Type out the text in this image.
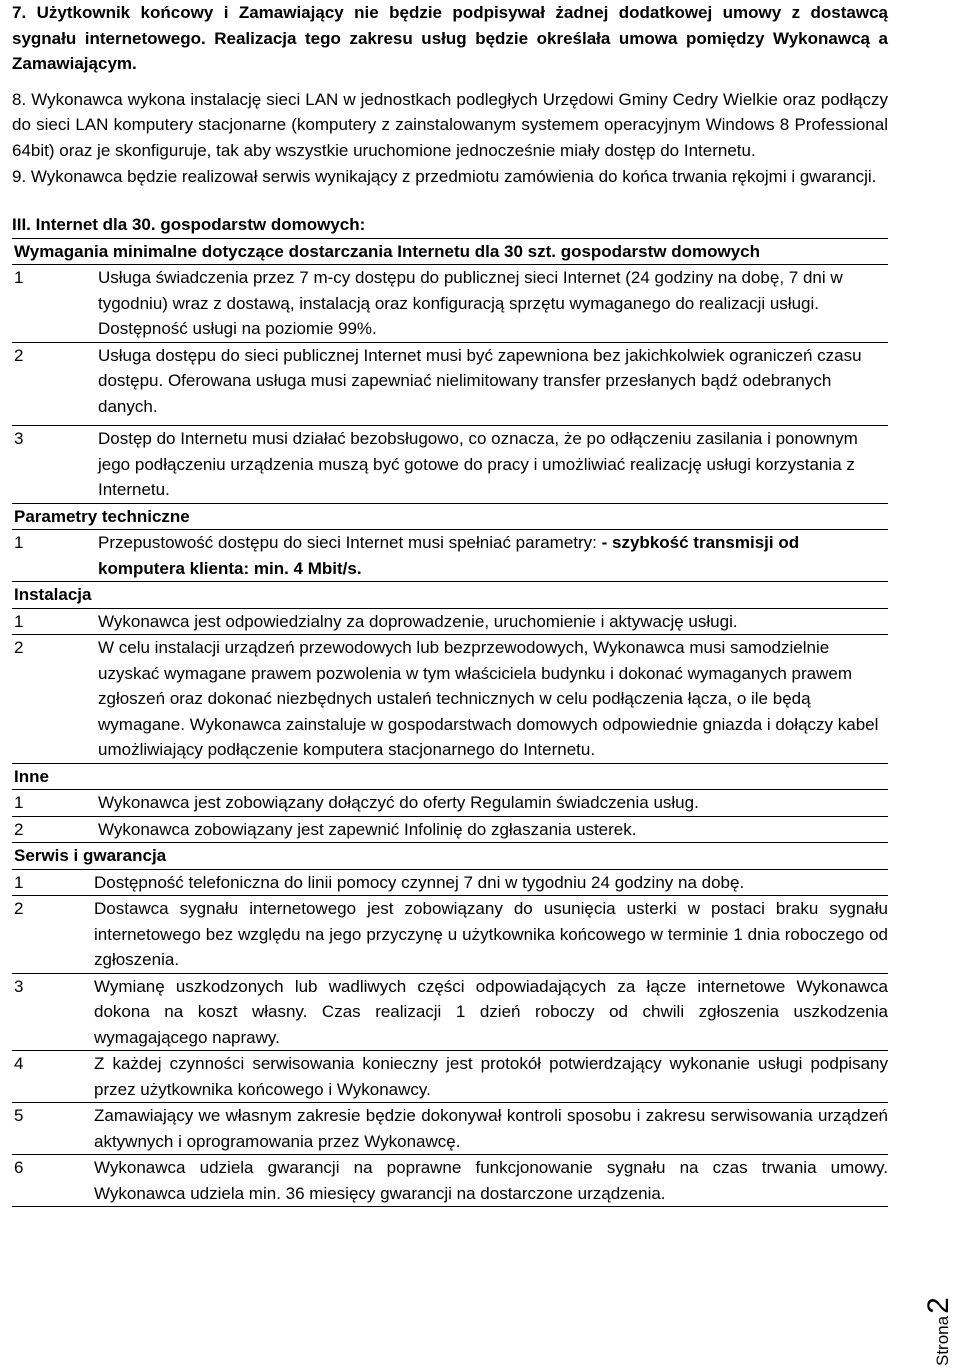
7. Użytkownik końcowy i Zamawiający nie będzie podpisywał żadnej dodatkowej umowy z dostawcą sygnału internetowego. Realizacja tego zakresu usług będzie określała umowa pomiędzy Wykonawcą a Zamawiającym.

8. Wykonawca wykona instalację sieci LAN w jednostkach podległych Urzędowi Gminy Cedry Wielkie oraz podłączy do sieci LAN komputery stacjonarne (komputery z zainstalowanym systemem operacyjnym Windows 8 Professional 64bit) oraz je skonfiguruje, tak aby wszystkie uruchomione jednocześnie miały dostęp do Internetu.

9. Wykonawca będzie realizował serwis wynikający z przedmiotu zamówienia do końca trwania rękojmi i gwarancji.

III. Internet dla 30. gospodarstw domowych:
Wymagania minimalne dotyczące dostarczania Internetu dla 30 szt. gospodarstw domowych	
1	Usługa świadczenia przez 7 m-cy dostępu do publicznej sieci Internet (24 godziny na dobę, 7 dni w tygodniu) wraz z dostawą, instalacją oraz konfiguracją sprzętu wymaganego do realizacji usługi. Dostępność usługi na poziomie 99%.
2	Usługa dostępu do sieci publicznej Internet musi być zapewniona bez jakichkolwiek ograniczeń czasu dostępu. Oferowana usługa musi zapewniać nielimitowany transfer przesłanych bądź odebranych danych.
3	Dostęp do Internetu musi działać bezobsługowo, co oznacza, że po odłączeniu zasilania i ponownym jego podłączeniu urządzenia muszą być gotowe do pracy i umożliwiać realizację usługi korzystania z Internetu.
Parametry techniczne	
1	Przepustowość dostępu do sieci Internet musi spełniać parametry: - szybkość transmisji od komputera klienta: min. 4 Mbit/s.
Instalacja	
1	Wykonawca jest odpowiedzialny za doprowadzenie, uruchomienie i aktywację usługi.
2	W celu instalacji urządzeń przewodowych lub bezprzewodowych, Wykonawca musi samodzielnie uzyskać wymagane prawem pozwolenia w tym właściciela budynku i dokonać wymaganych prawem zgłoszeń oraz dokonać niezbędnych ustaleń technicznych w celu podłączenia łącza, o ile będą wymagane. Wykonawca zainstaluje w gospodarstwach domowych odpowiednie gniazda i dołączy kabel umożliwiający podłączenie komputera stacjonarnego do Internetu.
Inne	
1	Wykonawca jest zobowiązany dołączyć do oferty Regulamin świadczenia usług.
2	Wykonawca zobowiązany jest zapewnić Infolinię do zgłaszania usterek.
Serwis i gwarancja	
1	Dostępność telefoniczna do linii pomocy czynnej 7 dni w tygodniu 24 godziny na dobę.
2	Dostawca sygnału internetowego jest zobowiązany do usunięcia usterki w postaci braku sygnału internetowego bez względu na jego przyczynę u użytkownika końcowego w terminie 1 dnia roboczego od zgłoszenia.
3	Wymianę uszkodzonych lub wadliwych części odpowiadających za łącze internetowe Wykonawca dokona na koszt własny. Czas realizacji 1 dzień roboczy od chwili zgłoszenia uszkodzenia wymagającego naprawy.
4	Z każdej czynności serwisowania konieczny jest protokół potwierdzający wykonanie usługi podpisany przez użytkownika końcowego i Wykonawcy.
5	Zamawiający we własnym zakresie będzie dokonywał kontroli sposobu i zakresu serwisowania urządzeń aktywnych i oprogramowania przez Wykonawcę.
6	Wykonawca udziela gwarancji na poprawne funkcjonowanie sygnału na czas trwania umowy. Wykonawca udziela min. 36 miesięcy gwarancji na dostarczone urządzenia.
Strona2
